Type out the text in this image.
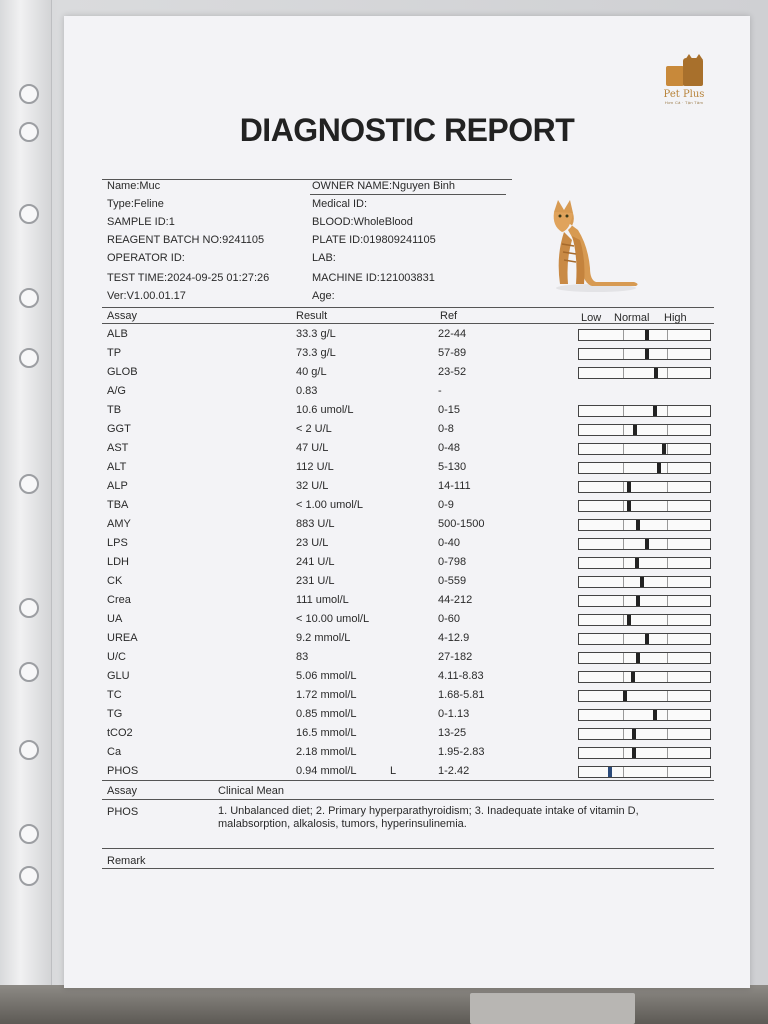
Pet Plus
Hơn Cả · Tận Tâm
DIAGNOSTIC REPORT
Name:Muc
Type:Feline
SAMPLE ID:1
REAGENT BATCH NO:9241105
OPERATOR ID:
TEST TIME:2024-09-25 01:27:26
Ver:V1.00.01.17
OWNER NAME:Nguyen Binh
Medical ID:
BLOOD:WholeBlood
PLATE ID:019809241105
LAB:
MACHINE ID:121003831
Age:
Assay	Result	Ref	Low Normal High
ALB	33.3 g/L	22-44
TP	73.3 g/L	57-89
GLOB	40 g/L	23-52
A/G	0.83	-
TB	10.6 umol/L	0-15
GGT	< 2 U/L	0-8
AST	47 U/L	0-48
ALT	112 U/L	5-130
ALP	32 U/L	14-111
TBA	< 1.00 umol/L	0-9
AMY	883 U/L	500-1500
LPS	23 U/L	0-40
LDH	241 U/L	0-798
CK	231 U/L	0-559
Crea	111 umol/L	44-212
UA	< 10.00 umol/L	0-60
UREA	9.2 mmol/L	4-12.9
U/C	83	27-182
GLU	5.06 mmol/L	4.11-8.83
TC	1.72 mmol/L	1.68-5.81
TG	0.85 mmol/L	0-1.13
tCO2	16.5 mmol/L	13-25
Ca	2.18 mmol/L	1.95-2.83
PHOS	0.94 mmol/L	L	1-2.42
Assay	Clinical Mean
PHOS	1. Unbalanced diet; 2. Primary hyperparathyroidism; 3. Inadequate intake of vitamin D,
malabsorption, alkalosis, tumors, hyperinsulinemia.
Remark
